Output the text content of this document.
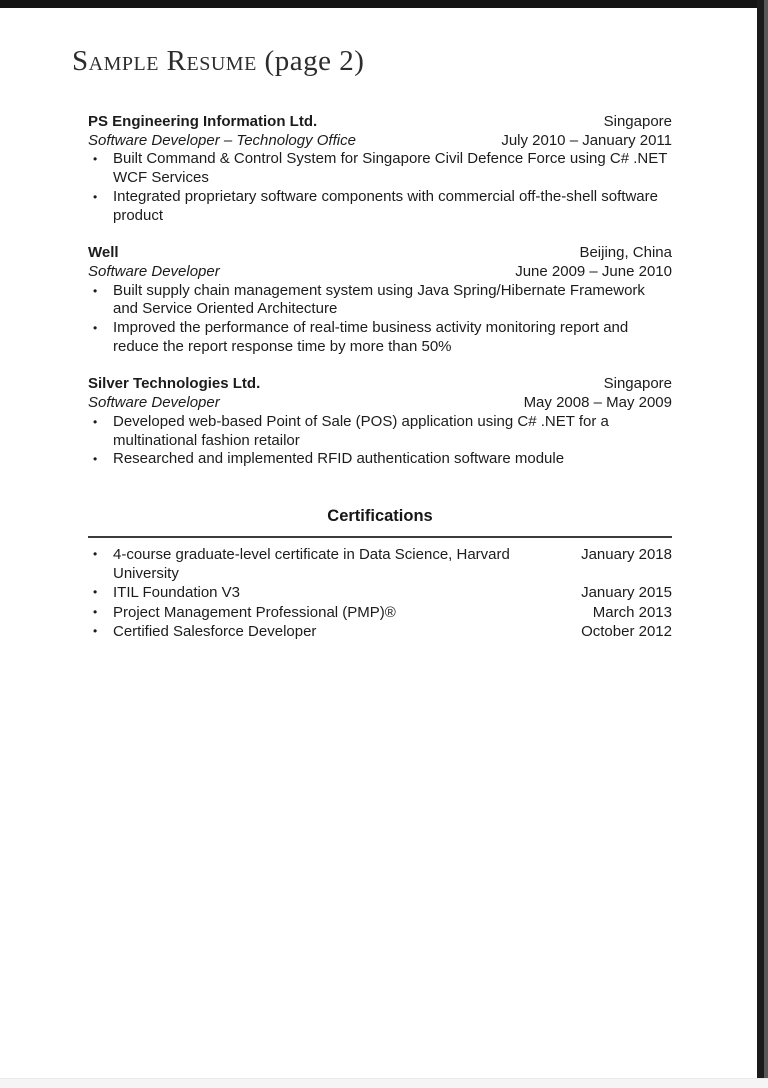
Sample Resume (page 2)
PS Engineering Information Ltd.	Singapore
Software Developer – Technology Office	July 2010 – January 2011
•	Built Command & Control System for Singapore Civil Defence Force using C# .NET WCF Services
•	Integrated proprietary software components with commercial off-the-shell software product
Well	Beijing, China
Software Developer	June 2009 – June 2010
•	Built supply chain management system using Java Spring/Hibernate Framework and Service Oriented Architecture
•	Improved the performance of real-time business activity monitoring report and reduce the report response time by more than 50%
Silver Technologies Ltd.	Singapore
Software Developer	May 2008 – May 2009
•	Developed web-based Point of Sale (POS) application using C# .NET for a multinational fashion retailor
•	Researched and implemented RFID authentication software module
Certifications
•	4-course graduate-level certificate in Data Science, Harvard University
January 2018
•	ITIL Foundation V3	January 2015
•	Project Management Professional (PMP)®	March 2013
•	Certified Salesforce Developer	October 2012
